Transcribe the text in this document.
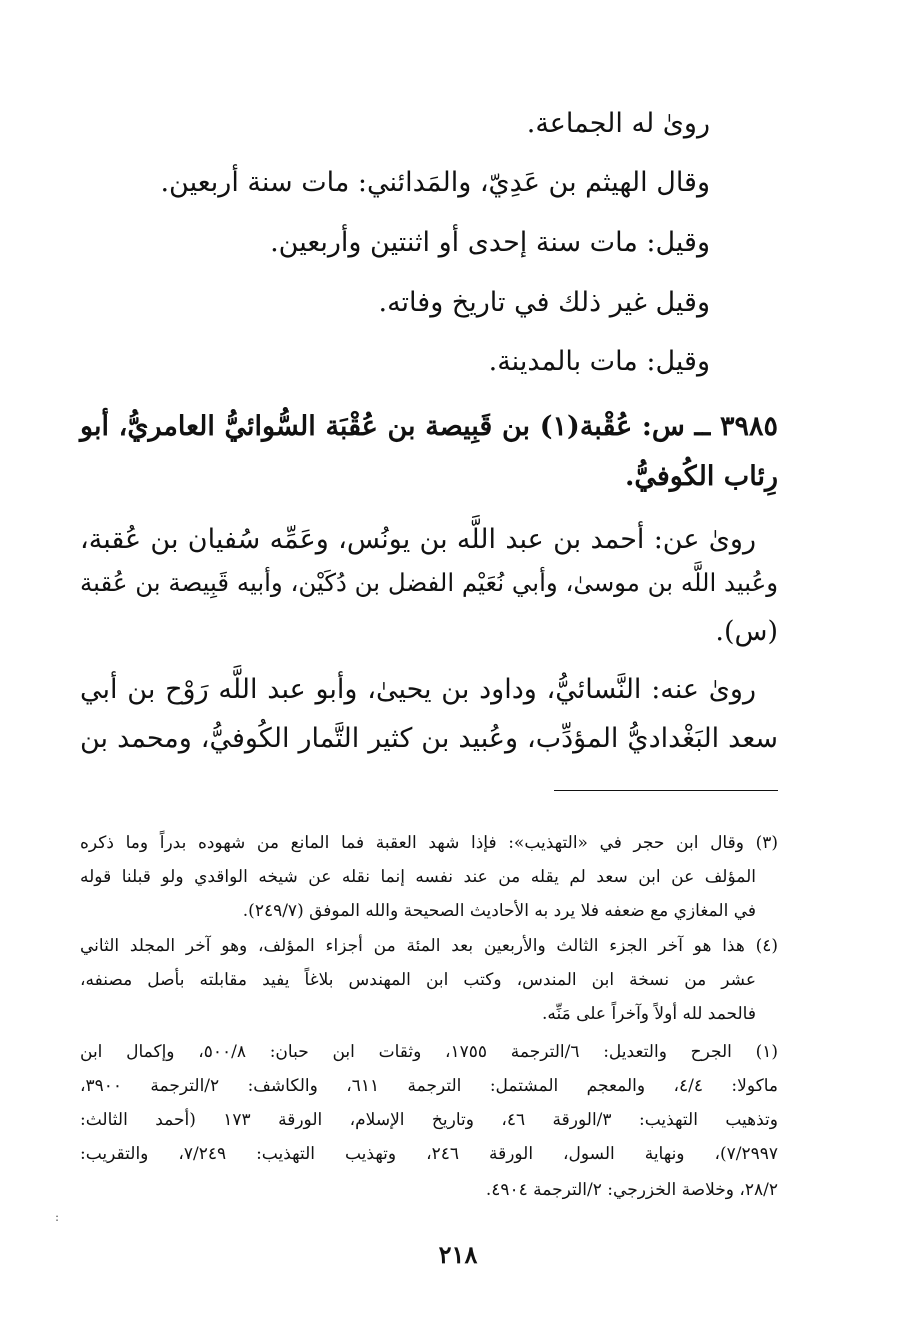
روىٰ له الجماعة.
وقال الهيثم بن عَدِيّ، والمَدائني: مات سنة أربعين.
وقيل: مات سنة إحدى أو اثنتين وأربعين.
وقيل غير ذلك في تاريخ وفاته.
وقيل: مات بالمدينة.
٣٩٨٥ ــ س: عُقْبة(١) بن قَبِيصة بن عُقْبَة السُّوائيُّ العامريُّ، أبو
رِئاب الكُوفيُّ.
روىٰ عن: أحمد بن عبد اللَّه بن يونُس، وعَمِّه سُفيان بن عُقبة،
وعُبيد اللَّه بن موسىٰ، وأبي نُعَيْم الفضل بن دُكَيْن، وأبيه قَبِيصة بن عُقبة
(س).
روىٰ عنه: النَّسائيُّ، وداود بن يحيىٰ، وأبو عبد اللَّه رَوْح بن أبي
سعد البَغْداديُّ المؤدِّب، وعُبيد بن كثير التَّمار الكُوفيُّ، ومحمد بن
(٣) وقال ابن حجر في «التهذيب»: فإذا شهد العقبة فما المانع من شهوده بدراً وما ذكره
المؤلف عن ابن سعد لم يقله من عند نفسه إنما نقله عن شيخه الواقدي ولو قبلنا قوله
في المغازي مع ضعفه فلا يرد به الأحاديث الصحيحة والله الموفق (٢٤٩/٧).
(٤) هذا هو آخر الجزء الثالث والأربعين بعد المئة من أجزاء المؤلف، وهو آخر المجلد الثاني
عشر من نسخة ابن المندس، وكتب ابن المهندس بلاغاً يفيد مقابلته بأصل مصنفه،
فالحمد لله أولاً وآخراً على مَنِّه.
(١) الجرح والتعديل: ٦/الترجمة ١٧٥٥، وثقات ابن حبان: ٥٠٠/٨، وإكمال ابن
ماكولا: ٤/٤، والمعجم المشتمل: الترجمة ٦١١، والكاشف: ٢/الترجمة ٣٩٠٠،
وتذهيب التهذيب: ٣/الورقة ٤٦، وتاريخ الإسلام، الورقة ١٧٣ (أحمد الثالث:
٧/٢٩٩٧)، ونهاية السول، الورقة ٢٤٦، وتهذيب التهذيب: ٧/٢٤٩، والتقريب:
٢٨/٢، وخلاصة الخزرجي: ٢/الترجمة ٤٩٠٤.
:
٢١٨
